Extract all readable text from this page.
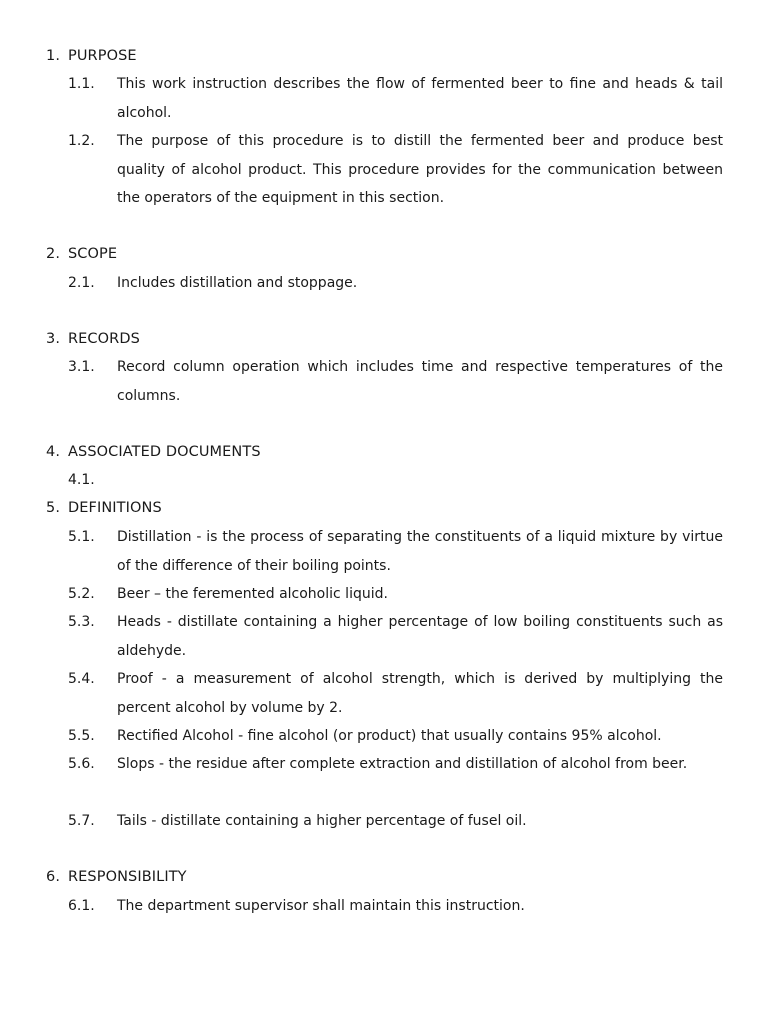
1. PURPOSE
1.1.	This work instruction describes the flow of fermented beer to fine and heads & tail alcohol.
1.2.	The purpose of this procedure is to distill the fermented beer and produce best quality of alcohol product. This procedure provides for the communication between the operators of the equipment in this section.
2. SCOPE
2.1.	Includes distillation and stoppage.
3. RECORDS
3.1.	Record column operation which includes time and respective temperatures of the columns.
4. ASSOCIATED DOCUMENTS
4.1.
5. DEFINITIONS
5.1.	Distillation - is the process of separating the constituents of a liquid mixture by virtue of the difference of their boiling points.
5.2.	Beer – the feremented alcoholic liquid.
5.3.	Heads - distillate containing a higher percentage of low boiling constituents such as aldehyde.
5.4.	Proof - a measurement of alcohol strength, which is derived by multiplying the percent alcohol by volume by 2.
5.5.	Rectified Alcohol - fine alcohol (or product) that usually contains 95% alcohol.
5.6.	Slops - the residue after complete extraction and distillation of alcohol from beer.
5.7.	Tails - distillate containing a higher percentage of fusel oil.
6. RESPONSIBILITY
6.1.	The department supervisor shall maintain this instruction.
